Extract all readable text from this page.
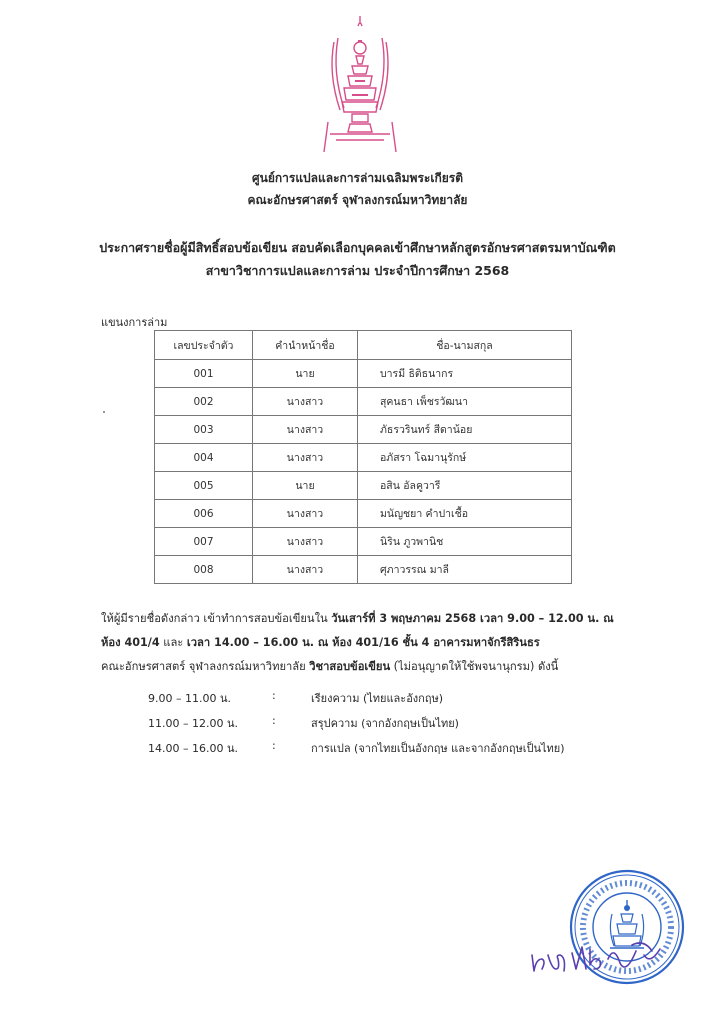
ศูนย์การแปลและการล่ามเฉลิมพระเกียรติ
คณะอักษรศาสตร์ จุฬาลงกรณ์มหาวิทยาลัย
ประกาศรายชื่อผู้มีสิทธิ์สอบข้อเขียน สอบคัดเลือกบุคคลเข้าศึกษาหลักสูตรอักษรศาสตรมหาบัณฑิต
สาขาวิชาการแปลและการล่าม ประจำปีการศึกษา 2568
แขนงการล่าม
เลขประจำตัว	คำนำหน้าชื่อ	ชื่อ-นามสกุล
001	นาย	บารมี ธิติธนากร
002	นางสาว	สุคนธา เพ็ชรวัฒนา
003	นางสาว	ภัธรวรินทร์ สีดาน้อย
004	นางสาว	อภัสรา โฉมานุรักษ์
005	นาย	อสิน อัลคูวารี
006	นางสาว	มนัญชยา คำปาเชื้อ
007	นางสาว	นิริน ภูวพานิช
008	นางสาว	ศุภาวรรณ มาลี
ให้ผู้มีรายชื่อดังกล่าว เข้าทำการสอบข้อเขียนใน วันเสาร์ที่ 3 พฤษภาคม 2568 เวลา 9.00 – 12.00 น. ณ
ห้อง 401/4 และ เวลา 14.00 – 16.00 น. ณ ห้อง 401/16 ชั้น 4 อาคารมหาจักรีสิรินธร
คณะอักษรศาสตร์ จุฬาลงกรณ์มหาวิทยาลัย วิชาสอบข้อเขียน (ไม่อนุญาตให้ใช้พจนานุกรม) ดังนี้
9.00 – 11.00 น.	:	เรียงความ (ไทยและอังกฤษ)
11.00 – 12.00 น.	:	สรุปความ (จากอังกฤษเป็นไทย)
14.00 – 16.00 น.	:	การแปล (จากไทยเป็นอังกฤษ และจากอังกฤษเป็นไทย)
